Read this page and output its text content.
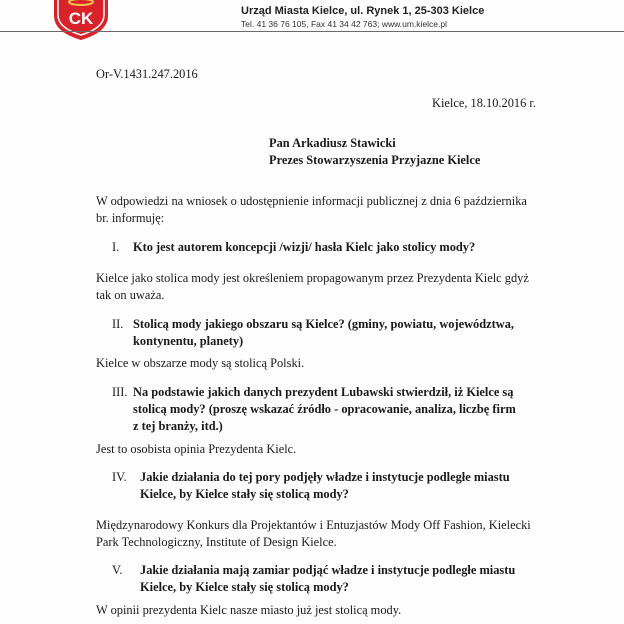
CK	Urząd Miasta Kielce, ul. Rynek 1, 25-303 Kielce
Tel. 41 36 76 105, Fax 41 34 42 763; www.um.kielce.pl
Or-V.1431.247.2016
Kielce, 18.10.2016 r.
Pan Arkadiusz Stawicki
Prezes Stowarzyszenia Przyjazne Kielce
W odpowiedzi na wniosek o udostępnienie informacji publicznej z dnia 6 października
br. informuję:
I. Kto jest autorem koncepcji /wizji/ hasła Kielc jako stolicy mody?
Kielce jako stolica mody jest określeniem propagowanym przez Prezydenta Kielc gdyż
tak on uważa.
II. Stolicą mody jakiego obszaru są Kielce? (gminy, powiatu, województwa,
kontynentu, planety)
Kielce w obszarze mody są stolicą Polski.
III. Na podstawie jakich danych prezydent Lubawski stwierdził, iż Kielce są
stolicą mody? (proszę wskazać źródło - opracowanie, analiza, liczbę firm
z tej branży, itd.)
Jest to osobista opinia Prezydenta Kielc.
IV. Jakie działania do tej pory podjęły władze i instytucje podległe miastu
Kielce, by Kielce stały się stolicą mody?
Międzynarodowy Konkurs dla Projektantów i Entuzjastów Mody Off Fashion, Kielecki
Park Technologiczny, Institute of Design Kielce.
V. Jakie działania mają zamiar podjąć władze i instytucje podległe miastu
Kielce, by Kielce stały się stolicą mody?
W opinii prezydenta Kielc nasze miasto już jest stolicą mody.
